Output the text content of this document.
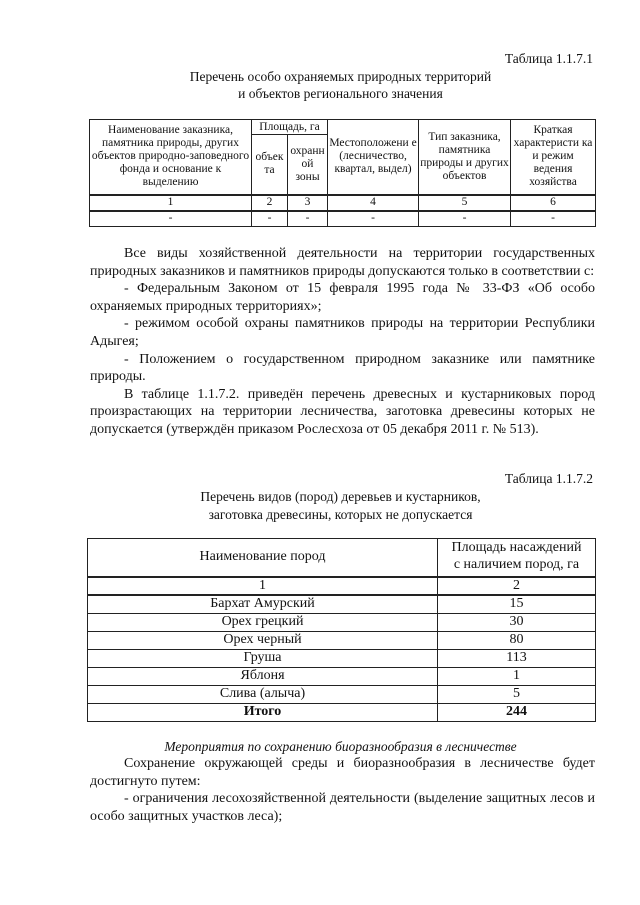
Таблица 1.1.7.1
Перечень особо охраняемых природных территорий
и объектов регионального значения
Наименование заказника, памятника природы, других объектов природно-заповедного фонда и основание к выделению	Площадь, га		Местоположени е (лесничество, квартал, выдел)	Тип заказника, памятника природы и других объектов	Краткая характеристи ка и режим ведения хозяйства
	объек та	охранн ой зоны			
1	2	3	4	5	6
-	-	-	-	-	-
Все виды хозяйственной деятельности на территории государственных природных заказников и памятников природы допускаются только в соответствии с:
- Федеральным Законом от 15 февраля 1995 года № 33-ФЗ «Об особо охраняемых природных территориях»;
- режимом особой охраны памятников природы на территории Республики Адыгея;
- Положением о государственном природном заказнике или памятнике природы.
В таблице 1.1.7.2. приведён перечень древесных и кустарниковых пород произрастающих на территории лесничества, заготовка древесины которых не допускается (утверждён приказом Рослесхоза от 05 декабря 2011 г. № 513).
Таблица 1.1.7.2
Перечень видов (пород) деревьев и кустарников,
заготовка древесины, которых не допускается
Наименование пород	Площадь насаждений
с наличием пород, га

1	2
Бархат Амурский	15
Орех грецкий	30
Орех черный	80
Груша	113
Яблоня	1
Слива (алыча)	5
Итого	244
Мероприятия по сохранению биоразнообразия в лесничестве
Сохранение окружающей среды и биоразнообразия в лесничестве будет достигнуто путем:
- ограничения лесохозяйственной деятельности (выделение защитных лесов и особо защитных участков леса);
